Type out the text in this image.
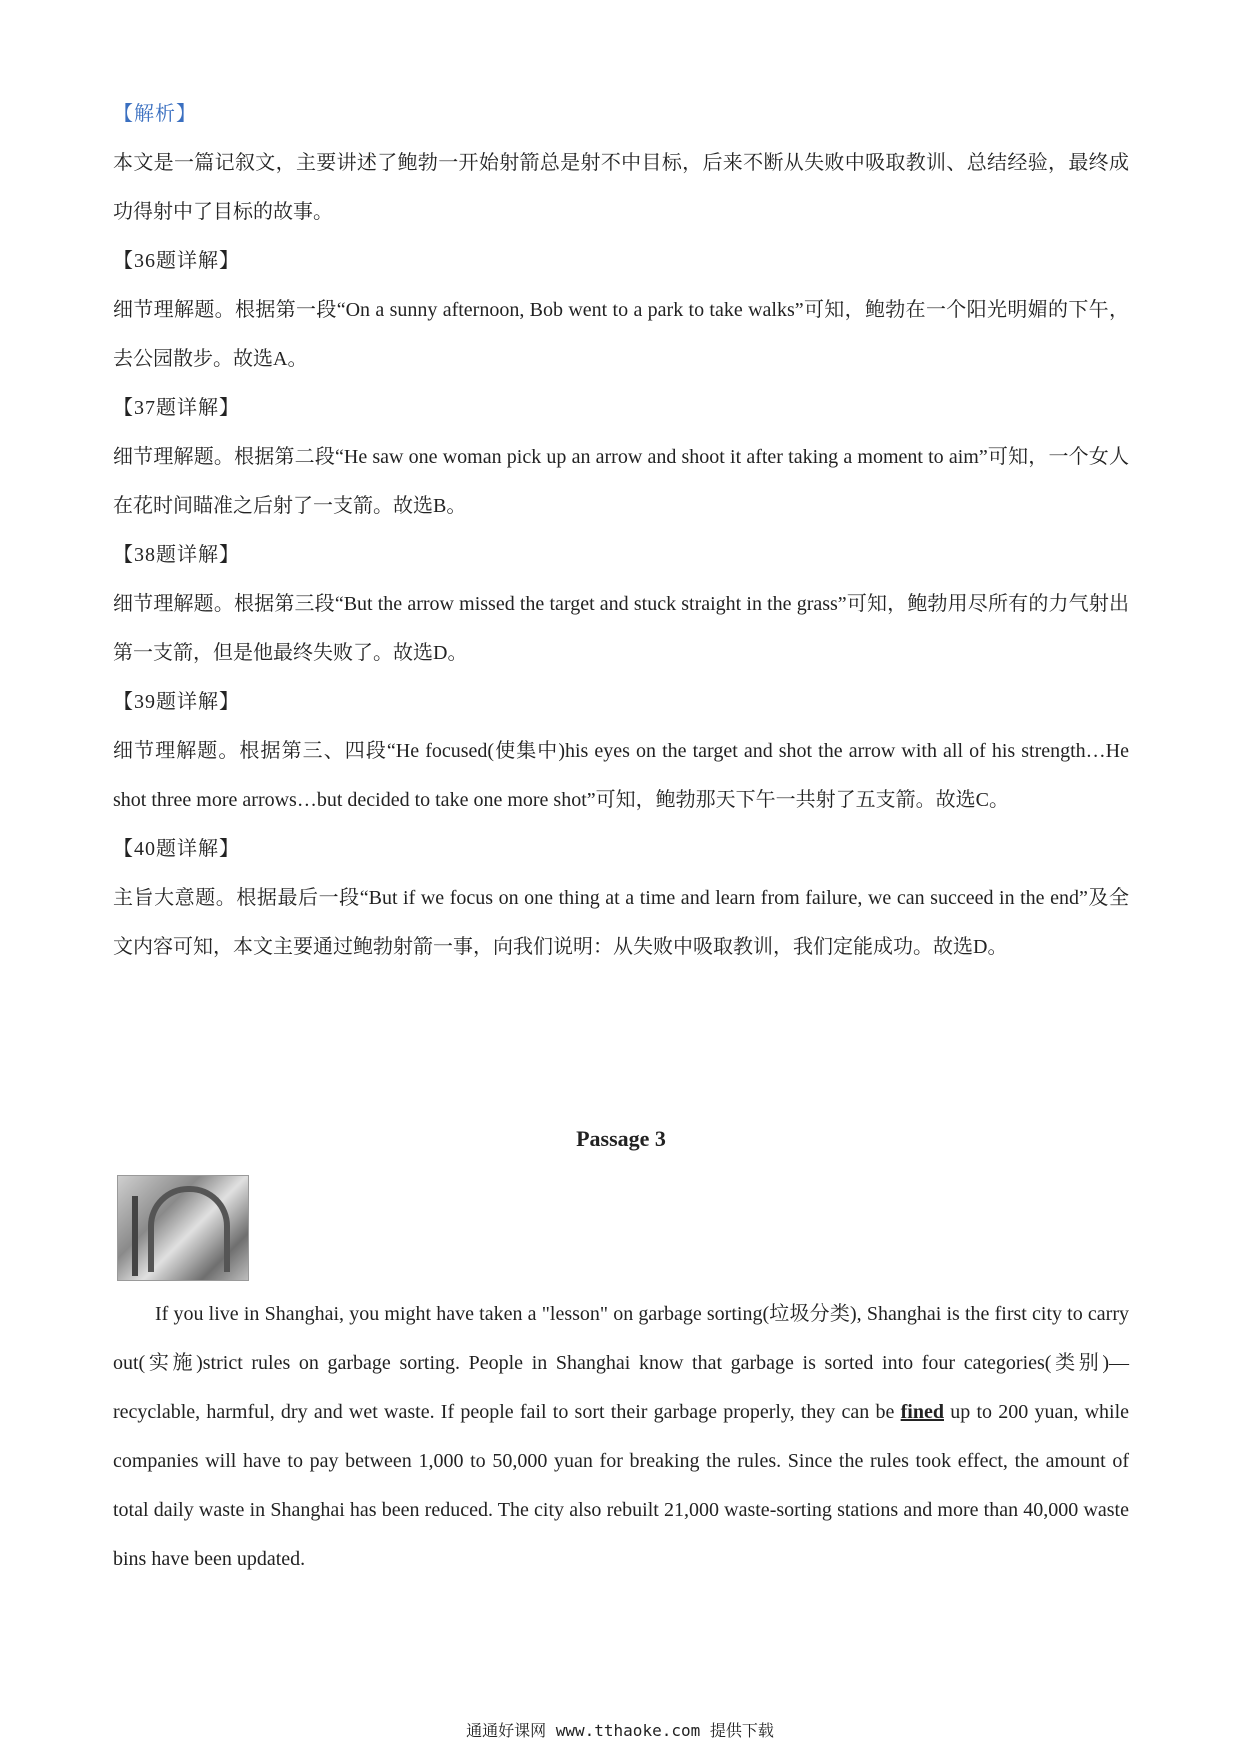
【解析】

本文是一篇记叙文，主要讲述了鲍勃一开始射箭总是射不中目标，后来不断从失败中吸取教训、总结经验，最终成功得射中了目标的故事。

【36题详解】

细节理解题。根据第一段“On a sunny afternoon, Bob went to a park to take walks”可知，鲍勃在一个阳光明媚的下午，去公园散步。故选A。

【37题详解】

细节理解题。根据第二段“He saw one woman pick up an arrow and shoot it after taking a moment to aim”可知，一个女人在花时间瞄准之后射了一支箭。故选B。

【38题详解】

细节理解题。根据第三段“But the arrow missed the target and stuck straight in the grass”可知，鲍勃用尽所有的力气射出第一支箭，但是他最终失败了。故选D。

【39题详解】

细节理解题。根据第三、四段“He focused(使集中)his eyes on the target and shot the arrow with all of his strength…He shot three more arrows…but decided to take one more shot”可知，鲍勃那天下午一共射了五支箭。故选C。

【40题详解】

主旨大意题。根据最后一段“But if we focus on one thing at a time and learn from failure, we can succeed in the end”及全文内容可知，本文主要通过鲍勃射箭一事，向我们说明：从失败中吸取教训，我们定能成功。故选D。

Passage 3

If you live in Shanghai, you might have taken a "lesson" on garbage sorting(垃圾分类), Shanghai is the first city to carry out(实施)strict rules on garbage sorting. People in Shanghai know that garbage is sorted into four categories(类别)—recyclable, harmful, dry and wet waste. If people fail to sort their garbage properly, they can be fined up to 200 yuan, while companies will have to pay between 1,000 to 50,000 yuan for breaking the rules. Since the rules took effect, the amount of total daily waste in Shanghai has been reduced. The city also rebuilt 21,000 waste-sorting stations and more than 40,000 waste bins have been updated.

通通好课网 www.tthaoke.com 提供下载
